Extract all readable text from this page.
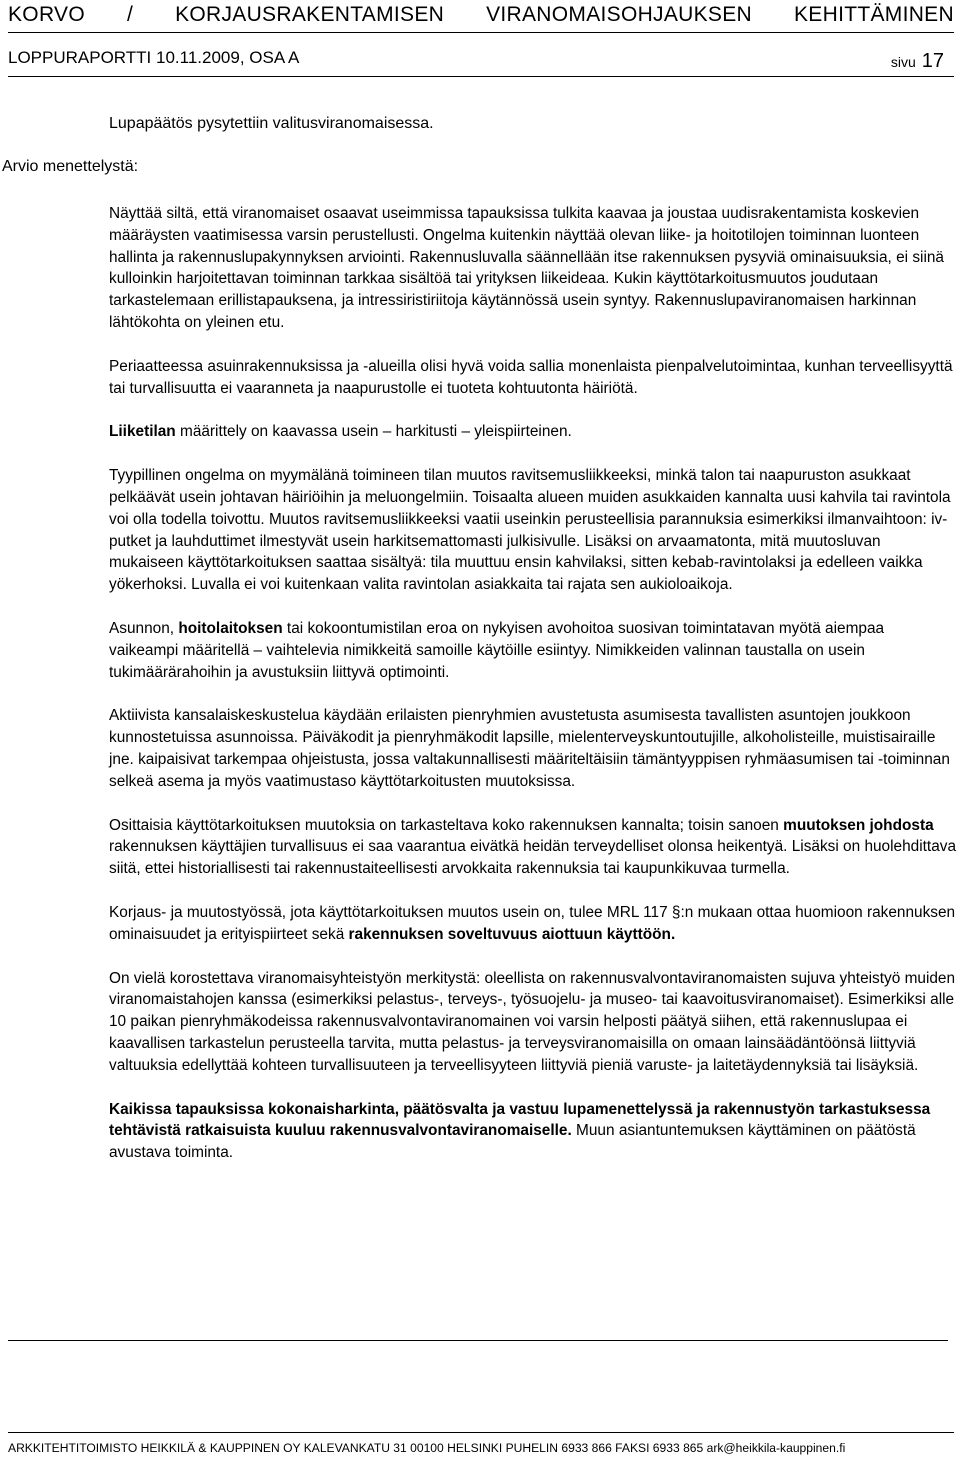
KORVO / KORJAUSRAKENTAMISEN VIRANOMAISOHJAUKSEN KEHITTÄMINEN
LOPPURAPORTTI 10.11.2009, OSA A	sivu 17
Lupapäätös pysytettiin valitusviranomaisessa.
Arvio menettelystä:

Näyttää siltä, että viranomaiset osaavat useimmissa tapauksissa tulkita kaavaa ja joustaa uudisrakentamista koskevien määräysten vaatimisessa varsin perustellusti. Ongelma kuitenkin näyttää olevan liike- ja hoitotilojen toiminnan luonteen hallinta ja rakennuslupakynnyksen arviointi. Rakennusluvalla säännellään itse rakennuksen pysyviä ominaisuuksia, ei siinä kulloinkin harjoitettavan toiminnan tarkkaa sisältöä tai yrityksen liikeideaa. Kukin käyttötarkoitusmuutos joudutaan tarkastelemaan erillistapauksena, ja intressiristiriitoja käytännössä usein syntyy. Rakennuslupaviranomaisen harkinnan lähtökohta on yleinen etu.

Periaatteessa asuinrakennuksissa ja -alueilla olisi hyvä voida sallia monenlaista pienpalvelutoimintaa, kunhan terveellisyyttä tai turvallisuutta ei vaaranneta ja naapurustolle ei tuoteta kohtuutonta häiriötä.

Liiketilan määrittely on kaavassa usein – harkitusti – yleispiirteinen.

Tyypillinen ongelma on myymälänä toimineen tilan muutos ravitsemusliikkeeksi, minkä talon tai naapuruston asukkaat pelkäävät usein johtavan häiriöihin ja meluongelmiin. Toisaalta alueen muiden asukkaiden kannalta uusi kahvila tai ravintola voi olla todella toivottu. Muutos ravitsemusliikkeeksi vaatii useinkin perusteellisia parannuksia esimerkiksi ilmanvaihtoon: iv-putket ja lauhduttimet ilmestyvät usein harkitsemattomasti julkisivulle. Lisäksi on arvaamatonta, mitä muutosluvan mukaiseen käyttötarkoituksen saattaa sisältyä: tila muuttuu ensin kahvilaksi, sitten kebab-ravintolaksi ja edelleen vaikka yökerhoksi. Luvalla ei voi kuitenkaan valita ravintolan asiakkaita tai rajata sen aukioloaikoja.

Asunnon, hoitolaitoksen tai kokoontumistilan eroa on nykyisen avohoitoa suosivan toimintatavan myötä aiempaa vaikeampi määritellä – vaihtelevia nimikkeitä samoille käytöille esiintyy. Nimikkeiden valinnan taustalla on usein tukimäärärahoihin ja avustuksiin liittyvä optimointi.

Aktiivista kansalaiskeskustelua käydään erilaisten pienryhmien avustetusta asumisesta tavallisten asuntojen joukkoon kunnostetuissa asunnoissa. Päiväkodit ja pienryhmäkodit lapsille, mielenterveyskuntoutujille, alkoholisteille, muistisairaille jne. kaipaisivat tarkempaa ohjeistusta, jossa valtakunnallisesti määriteltäisiin tämäntyyppisen ryhmäasumisen tai -toiminnan selkeä asema ja myös vaatimustaso käyttötarkoitusten muutoksissa.

Osittaisia käyttötarkoituksen muutoksia on tarkasteltava koko rakennuksen kannalta; toisin sanoen muutoksen johdosta rakennuksen käyttäjien turvallisuus ei saa vaarantua eivätkä heidän terveydelliset olonsa heikentyä. Lisäksi on huolehdittava siitä, ettei historiallisesti tai rakennustaiteellisesti arvokkaita rakennuksia tai kaupunkikuvaa turmella.

Korjaus- ja muutostyössä, jota käyttötarkoituksen muutos usein on, tulee MRL 117 §:n mukaan ottaa huomioon rakennuksen ominaisuudet ja erityispiirteet sekä rakennuksen soveltuvuus aiottuun käyttöön.

On vielä korostettava viranomaisyhteistyön merkitystä: oleellista on rakennusvalvontaviranomaisten sujuva yhteistyö muiden viranomaistahojen kanssa (esimerkiksi pelastus-, terveys-, työsuojelu- ja museo- tai kaavoitusviranomaiset). Esimerkiksi alle 10 paikan pienryhmäkodeissa rakennusvalvontaviranomainen voi varsin helposti päätyä siihen, että rakennuslupaa ei kaavallisen tarkastelun perusteella tarvita, mutta pelastus- ja terveysviranomaisilla on omaan lainsäädäntöönsä liittyviä valtuuksia edellyttää kohteen turvallisuuteen ja terveellisyyteen liittyviä pieniä varuste- ja laitetäydennyksiä tai lisäyksiä.

Kaikissa tapauksissa kokonaisharkinta, päätösvalta ja vastuu lupamenettelyssä ja rakennustyön tarkastuksessa tehtävistä ratkaisuista kuuluu rakennusvalvontaviranomaiselle. Muun asiantuntemuksen käyttäminen on päätöstä avustava toiminta.

ARKKITEHTITOIMISTO HEIKKILÄ & KAUPPINEN OY KALEVANKATU 31 00100 HELSINKI PUHELIN 6933 866 FAKSI 6933 865 ark@heikkila-kauppinen.fi
